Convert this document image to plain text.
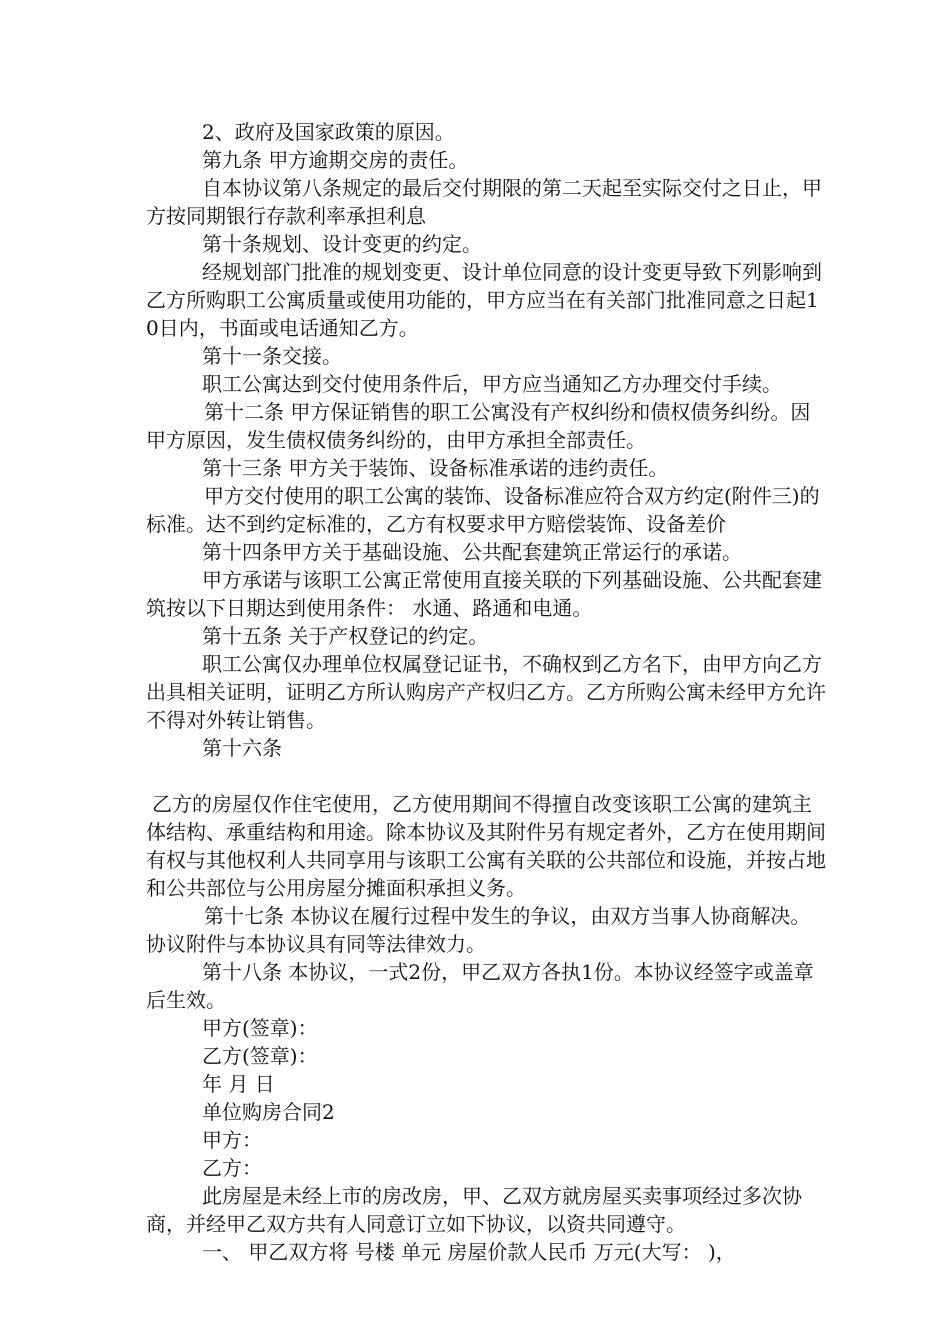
2、政府及国家政策的原因。

第九条 甲方逾期交房的责任。

自本协议第八条规定的最后交付期限的第二天起至实际交付之日止，甲方按同期银行存款利率承担利息

第十条规划、设计变更的约定。

经规划部门批准的规划变更、设计单位同意的设计变更导致下列影响到乙方所购职工公寓质量或使用功能的，甲方应当在有关部门批准同意之日起10日内，书面或电话通知乙方。

第十一条交接。

职工公寓达到交付使用条件后，甲方应当通知乙方办理交付手续。

第十二条 甲方保证销售的职工公寓没有产权纠纷和债权债务纠纷。因甲方原因，发生债权债务纠纷的，由甲方承担全部责任。

第十三条 甲方关于装饰、设备标准承诺的违约责任。

甲方交付使用的职工公寓的装饰、设备标准应符合双方约定(附件三)的标准。达不到约定标准的，乙方有权要求甲方赔偿装饰、设备差价

第十四条甲方关于基础设施、公共配套建筑正常运行的承诺。

甲方承诺与该职工公寓正常使用直接关联的下列基础设施、公共配套建筑按以下日期达到使用条件： 水通、路通和电通。

第十五条 关于产权登记的约定。

职工公寓仅办理单位权属登记证书，不确权到乙方名下，由甲方向乙方出具相关证明，证明乙方所认购房产产权归乙方。乙方所购公寓未经甲方允许不得对外转让销售。

第十六条

乙方的房屋仅作住宅使用，乙方使用期间不得擅自改变该职工公寓的建筑主体结构、承重结构和用途。除本协议及其附件另有规定者外，乙方在使用期间有权与其他权利人共同享用与该职工公寓有关联的公共部位和设施，并按占地和公共部位与公用房屋分摊面积承担义务。

第十七条 本协议在履行过程中发生的争议，由双方当事人协商解决。协议附件与本协议具有同等法律效力。

第十八条 本协议，一式2份，甲乙双方各执1份。本协议经签字或盖章后生效。

甲方(签章)：

乙方(签章)：

年 月 日

单位购房合同2

甲方：

乙方：

此房屋是未经上市的房改房，甲、乙双方就房屋买卖事项经过多次协商，并经甲乙双方共有人同意订立如下协议，以资共同遵守。

一、 甲乙双方将 号楼 单元 房屋价款人民币 万元(大写： )，
